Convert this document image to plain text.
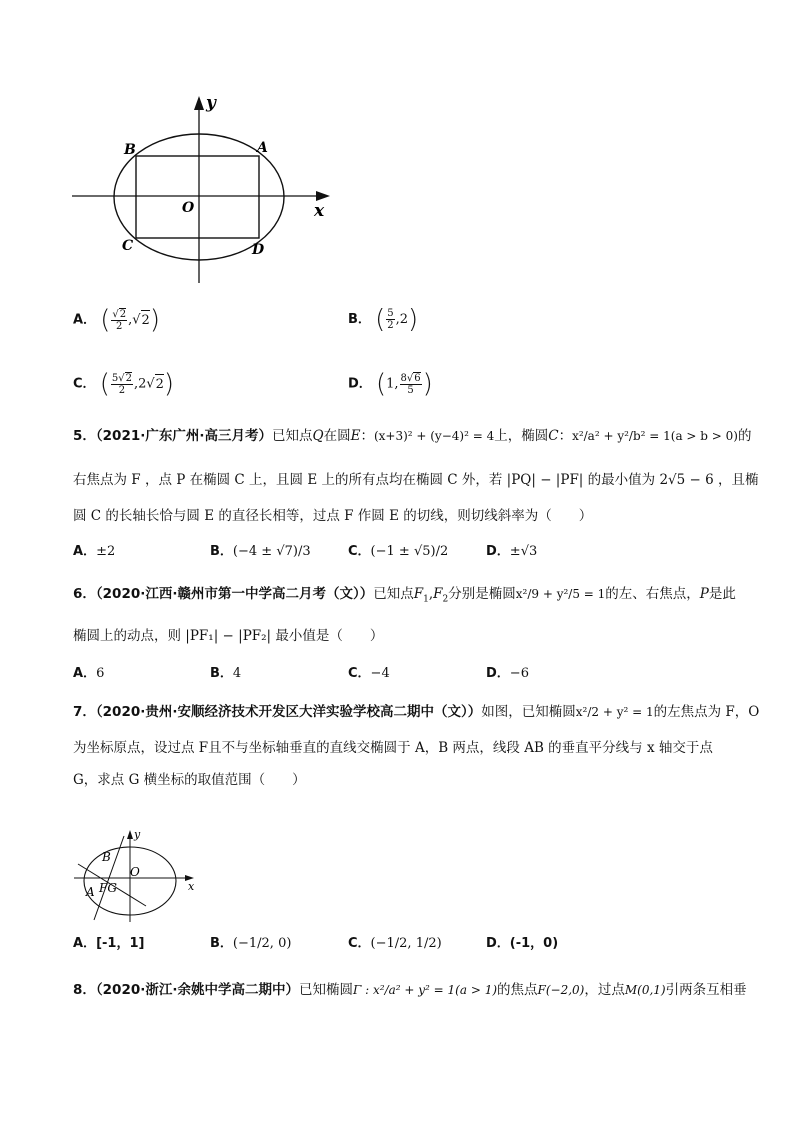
y
x
O
A
B
C	D
A． ( $\frac{√2}{2} ,√2$)	B． ( $\frac{5}{2} ,2$)
C． ( $\frac{5√2}{2} ,2√2$)	D． (1, $\frac{8√6}{5}$ )
5．（2021·广东广州·高三月考）已知点Q在圆E：(x+3)² + (y−4)² = 4上，椭圆C：x²/a² + y²/b² = 1(a > b > 0)的
右焦点为 F ，点 P 在椭圆 C 上，且圆 E 上的所有点均在椭圆 C 外，若 |PQ| − |PF| 的最小值为 2√5 − 6 ，且椭
圆 C 的长轴长恰与圆 E 的直径长相等，过点 F 作圆 E 的切线，则切线斜率为（　　）
A．±2	B．(−4 ± √7)/3	C．(−1 ± √5)/2	D．±√3
6．（2020·江西·赣州市第一中学高二月考（文））已知点$F_1,F_2$分别是椭圆x²/9 + y²/5 = 1的左、右焦点，P是此
椭圆上的动点，则 |PF₁| − |PF₂| 最小值是（　　）
A．6	B．4	C．−4	D．−6
7．（2020·贵州·安顺经济技术开发区大洋实验学校高二期中（文））如图，已知椭圆x²/2 + y² = 1的左焦点为 F，O
为坐标原点，设过点 F且不与坐标轴垂直的直线交椭圆于 A，B 两点，线段 AB 的垂直平分线与 x 轴交于点
G，求点 G 横坐标的取值范围（　　）
y
x
B
O
FG
A
A．[-1，1]	B．(−1/2, 0)	C．(−1/2, 1/2)	D．(-1，0)
8．（2020·浙江·余姚中学高二期中）已知椭圆Γ : x²/a² + y² = 1(a > 1)的焦点F(−2,0)，过点M(0,1)引两条互相垂
